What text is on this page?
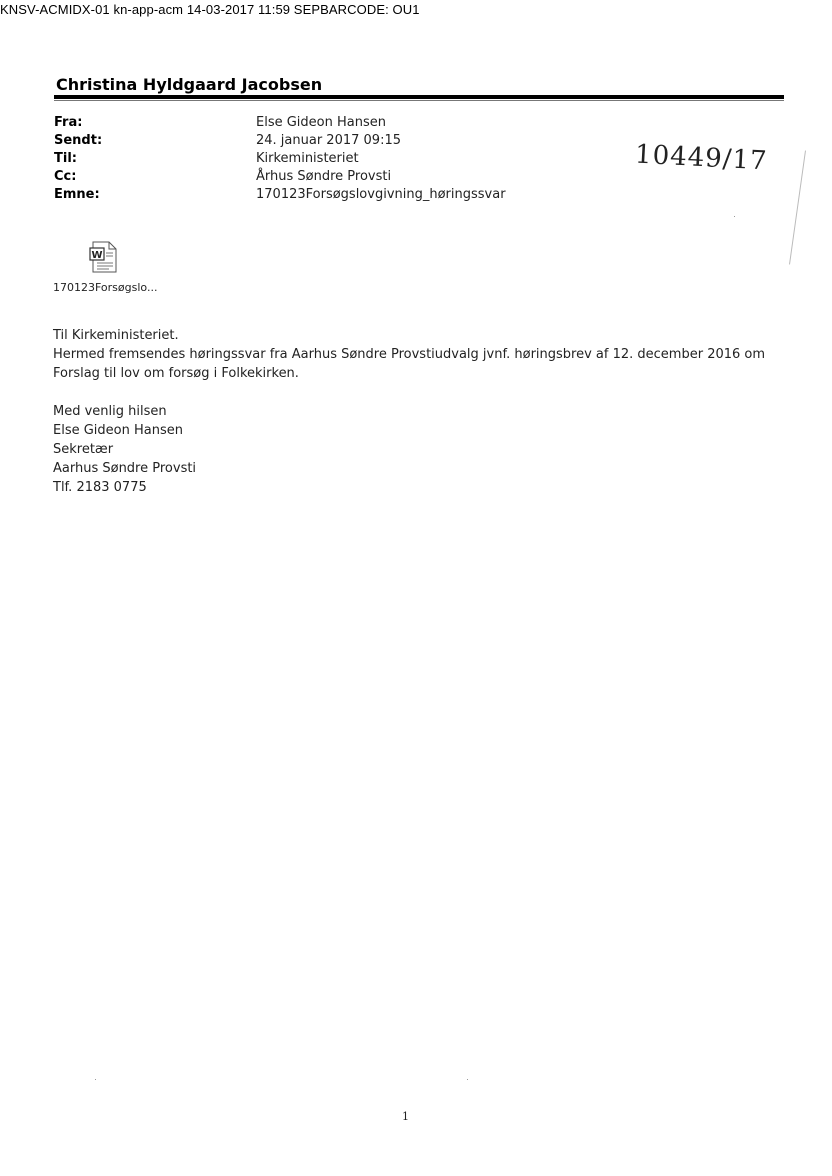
KNSV-ACMIDX-01 kn-app-acm 14-03-2017 11:59 SEPBARCODE: OU1
Christina Hyldgaard Jacobsen
Fra:	Else Gideon Hansen
Sendt:	24. januar 2017 09:15
Til:	Kirkeministeriet
Cc:	Århus Søndre Provsti
Emne:	170123Forsøgslovgivning_høringssvar
10449/17
W
170123Forsøgslo...

Til Kirkeministeriet.

Hermed fremsendes høringssvar fra Aarhus Søndre Provstiudvalg jvnf. høringsbrev af 12. december 2016 om Forslag til lov om forsøg i Folkekirken.

Med venlig hilsen

Else Gideon Hansen

Sekretær

Aarhus Søndre Provsti

Tlf. 2183 0775

1
